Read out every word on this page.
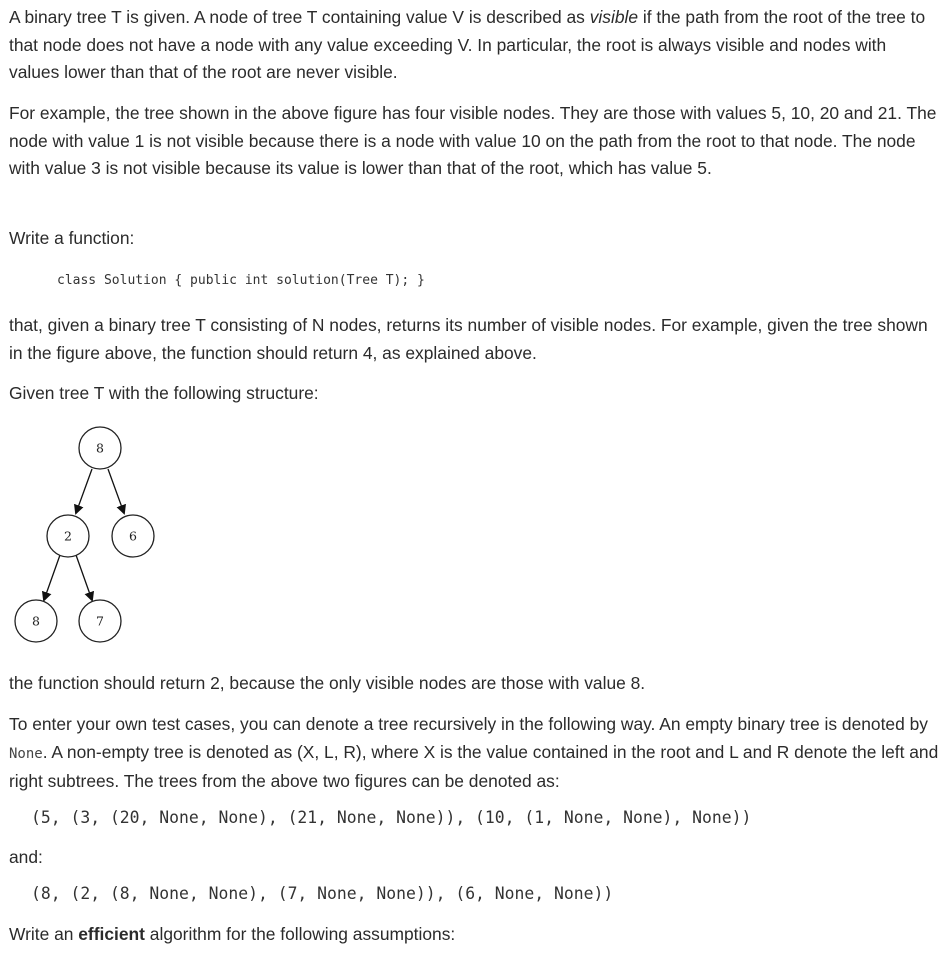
A binary tree T is given. A node of tree T containing value V is described as visible if the path from the root of the tree to that node does not have a node with any value exceeding V. In particular, the root is always visible and nodes with values lower than that of the root are never visible.

For example, the tree shown in the above figure has four visible nodes. They are those with values 5, 10, 20 and 21. The node with value 1 is not visible because there is a node with value 10 on the path from the root to that node. The node with value 3 is not visible because its value is lower than that of the root, which has value 5.

Write a function:

class Solution { public int solution(Tree T); }

that, given a binary tree T consisting of N nodes, returns its number of visible nodes. For example, given the tree shown in the figure above, the function should return 4, as explained above.

Given tree T with the following structure:

8
2	6
8	7

the function should return 2, because the only visible nodes are those with value 8.

To enter your own test cases, you can denote a tree recursively in the following way. An empty binary tree is denoted by None. A non-empty tree is denoted as (X, L, R), where X is the value contained in the root and L and R denote the left and right subtrees. The trees from the above two figures can be denoted as:

(5, (3, (20, None, None), (21, None, None)), (10, (1, None, None), None))

and:

(8, (2, (8, None, None), (7, None, None)), (6, None, None))

Write an efficient algorithm for the following assumptions:
